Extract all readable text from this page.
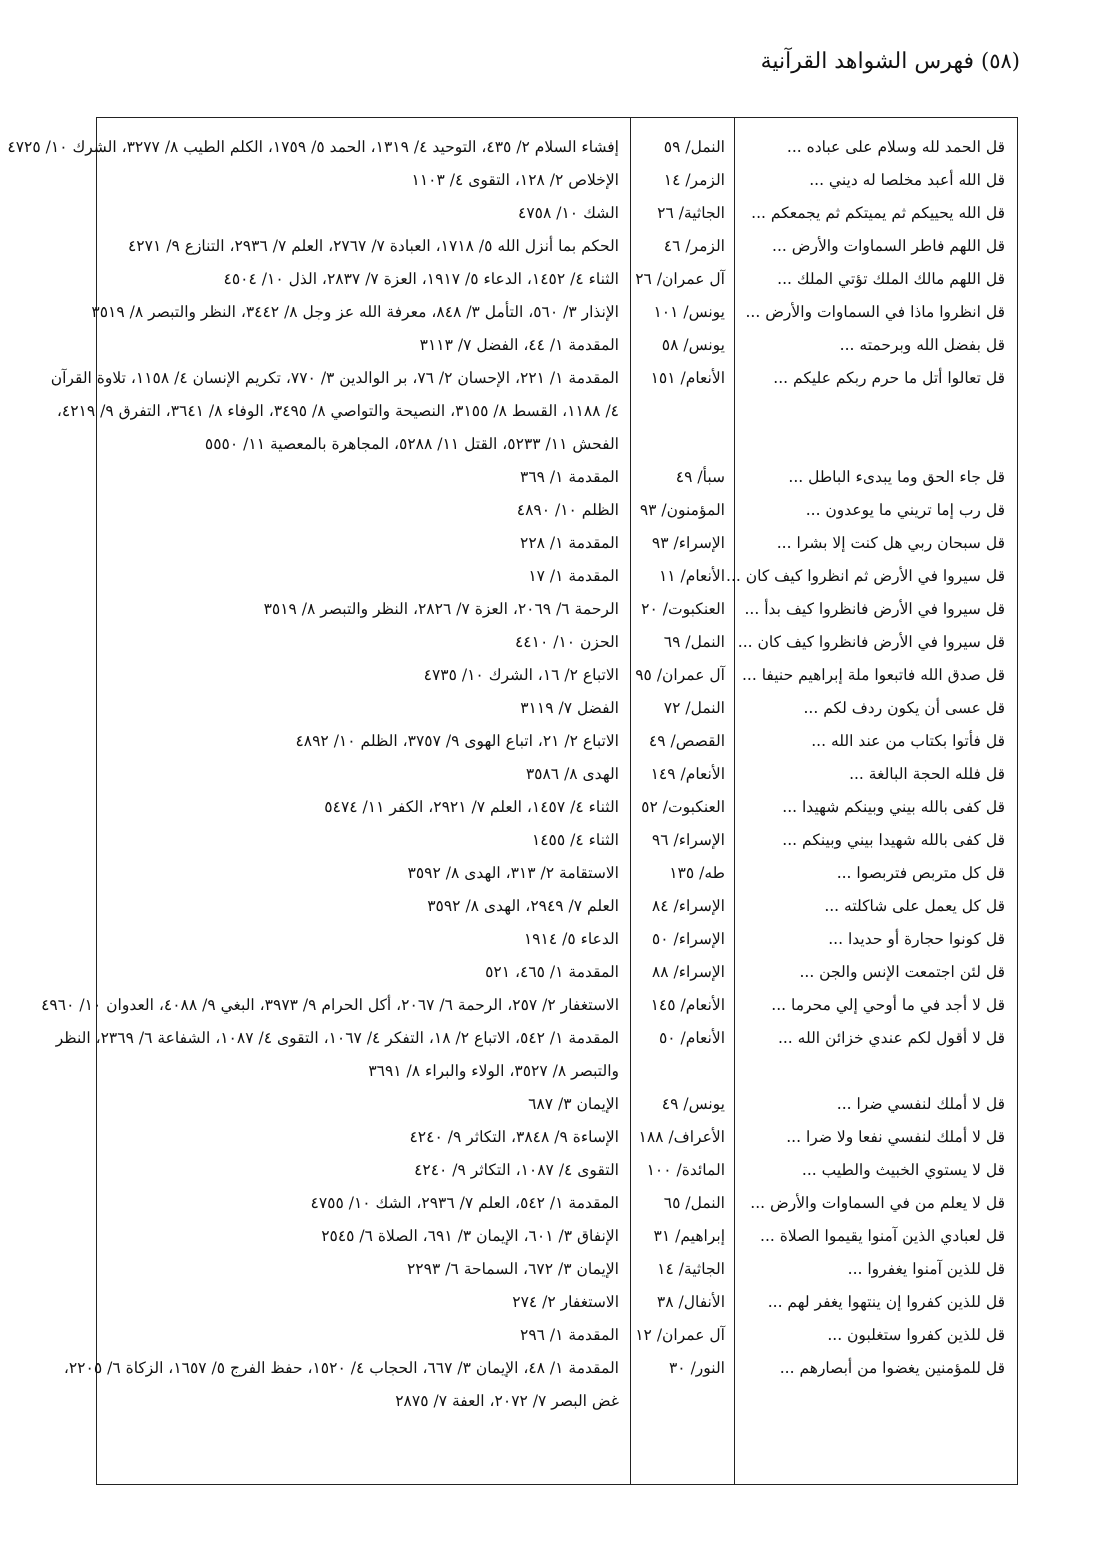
(٥٨) فهرس الشواهد القرآنية
قل الحمد لله وسلام على عباده ...
النمل/ ٥٩
إفشاء السلام ٢/ ٤٣٥، التوحيد ٤/ ١٣١٩، الحمد ٥/ ١٧٥٩، الكلم الطيب ٨/ ٣٢٧٧، الشرك ١٠/ ٤٧٢٥
قل الله أعبد مخلصا له ديني ...
الزمر/ ١٤
الإخلاص ٢/ ١٢٨، التقوى ٤/ ١١٠٣
قل الله يحييكم ثم يميتكم ثم يجمعكم ...
الجاثية/ ٢٦
الشك ١٠/ ٤٧٥٨
قل اللهم فاطر السماوات والأرض ...
الزمر/ ٤٦
الحكم بما أنزل الله ٥/ ١٧١٨، العبادة ٧/ ٢٧٦٧، العلم ٧/ ٢٩٣٦، التنازع ٩/ ٤٢٧١
قل اللهم مالك الملك تؤتي الملك ...
آل عمران/ ٢٦
الثناء ٤/ ١٤٥٢، الدعاء ٥/ ١٩١٧، العزة ٧/ ٢٨٣٧، الذل ١٠/ ٤٥٠٤
قل انظروا ماذا في السماوات والأرض ...
يونس/ ١٠١
الإنذار ٣/ ٥٦٠، التأمل ٣/ ٨٤٨، معرفة الله عز وجل ٨/ ٣٤٤٢، النظر والتبصر ٨/ ٣٥١٩
قل بفضل الله وبرحمته ...
يونس/ ٥٨
المقدمة ١/ ٤٤، الفضل ٧/ ٣١١٣
قل تعالوا أتل ما حرم ربكم عليكم ...
الأنعام/ ١٥١
المقدمة ١/ ٢٢١، الإحسان ٢/ ٧٦، بر الوالدين ٣/ ٧٧٠، تكريم الإنسان ٤/ ١١٥٨، تلاوة القرآن
٤/ ١١٨٨، القسط ٨/ ٣١٥٥، النصيحة والتواصي ٨/ ٣٤٩٥، الوفاء ٨/ ٣٦٤١، التفرق ٩/ ٤٢١٩،
الفحش ١١/ ٥٢٣٣، القتل ١١/ ٥٢٨٨، المجاهرة بالمعصية ١١/ ٥٥٥٠
قل جاء الحق وما يبدىء الباطل ...
سبأ/ ٤٩
المقدمة ١/ ٣٦٩
قل رب إما تريني ما يوعدون ...
المؤمنون/ ٩٣
الظلم ١٠/ ٤٨٩٠
قل سبحان ربي هل كنت إلا بشرا ...
الإسراء/ ٩٣
المقدمة ١/ ٢٢٨
قل سيروا في الأرض ثم انظروا كيف كان ...
الأنعام/ ١١
المقدمة ١/ ١٧
قل سيروا في الأرض فانظروا كيف بدأ ...
العنكبوت/ ٢٠
الرحمة ٦/ ٢٠٦٩، العزة ٧/ ٢٨٢٦، النظر والتبصر ٨/ ٣٥١٩
قل سيروا في الأرض فانظروا كيف كان ...
النمل/ ٦٩
الحزن ١٠/ ٤٤١٠
قل صدق الله فاتبعوا ملة إبراهيم حنيفا ...
آل عمران/ ٩٥
الاتباع ٢/ ١٦، الشرك ١٠/ ٤٧٣٥
قل عسى أن يكون ردف لكم ...
النمل/ ٧٢
الفضل ٧/ ٣١١٩
قل فأتوا بكتاب من عند الله ...
القصص/ ٤٩
الاتباع ٢/ ٢١، اتباع الهوى ٩/ ٣٧٥٧، الظلم ١٠/ ٤٨٩٢
قل فلله الحجة البالغة ...
الأنعام/ ١٤٩
الهدى ٨/ ٣٥٨٦
قل كفى بالله بيني وبينكم شهيدا ...
العنكبوت/ ٥٢
الثناء ٤/ ١٤٥٧، العلم ٧/ ٢٩٢١، الكفر ١١/ ٥٤٧٤
قل كفى بالله شهيدا بيني وبينكم ...
الإسراء/ ٩٦
الثناء ٤/ ١٤٥٥
قل كل متربص فتربصوا ...
طه/ ١٣٥
الاستقامة ٢/ ٣١٣، الهدى ٨/ ٣٥٩٢
قل كل يعمل على شاكلته ...
الإسراء/ ٨٤
العلم ٧/ ٢٩٤٩، الهدى ٨/ ٣٥٩٢
قل كونوا حجارة أو حديدا ...
الإسراء/ ٥٠
الدعاء ٥/ ١٩١٤
قل لئن اجتمعت الإنس والجن ...
الإسراء/ ٨٨
المقدمة ١/ ٤٦٥، ٥٢١
قل لا أجد في ما أوحي إلي محرما ...
الأنعام/ ١٤٥
الاستغفار ٢/ ٢٥٧، الرحمة ٦/ ٢٠٦٧، أكل الحرام ٩/ ٣٩٧٣، البغي ٩/ ٤٠٨٨، العدوان ١٠/ ٤٩٦٠
قل لا أقول لكم عندي خزائن الله ...
الأنعام/ ٥٠
المقدمة ١/ ٥٤٢، الاتباع ٢/ ١٨، التفكر ٤/ ١٠٦٧، التقوى ٤/ ١٠٨٧، الشفاعة ٦/ ٢٣٦٩، النظر
والتبصر ٨/ ٣٥٢٧، الولاء والبراء ٨/ ٣٦٩١
قل لا أملك لنفسي ضرا ...
يونس/ ٤٩
الإيمان ٣/ ٦٨٧
قل لا أملك لنفسي نفعا ولا ضرا ...
الأعراف/ ١٨٨
الإساءة ٩/ ٣٨٤٨، التكاثر ٩/ ٤٢٤٠
قل لا يستوي الخبيث والطيب ...
المائدة/ ١٠٠
التقوى ٤/ ١٠٨٧، التكاثر ٩/ ٤٢٤٠
قل لا يعلم من في السماوات والأرض ...
النمل/ ٦٥
المقدمة ١/ ٥٤٢، العلم ٧/ ٢٩٣٦، الشك ١٠/ ٤٧٥٥
قل لعبادي الذين آمنوا يقيموا الصلاة ...
إبراهيم/ ٣١
الإنفاق ٣/ ٦٠١، الإيمان ٣/ ٦٩١، الصلاة ٦/ ٢٥٤٥
قل للذين آمنوا يغفروا ...
الجاثية/ ١٤
الإيمان ٣/ ٦٧٢، السماحة ٦/ ٢٢٩٣
قل للذين كفروا إن ينتهوا يغفر لهم ...
الأنفال/ ٣٨
الاستغفار ٢/ ٢٧٤
قل للذين كفروا ستغلبون ...
آل عمران/ ١٢
المقدمة ١/ ٢٩٦
قل للمؤمنين يغضوا من أبصارهم ...
النور/ ٣٠
المقدمة ١/ ٤٨، الإيمان ٣/ ٦٦٧، الحجاب ٤/ ١٥٢٠، حفظ الفرج ٥/ ١٦٥٧، الزكاة ٦/ ٢٢٠٥،
غض البصر ٧/ ٢٠٧٢، العفة ٧/ ٢٨٧٥
